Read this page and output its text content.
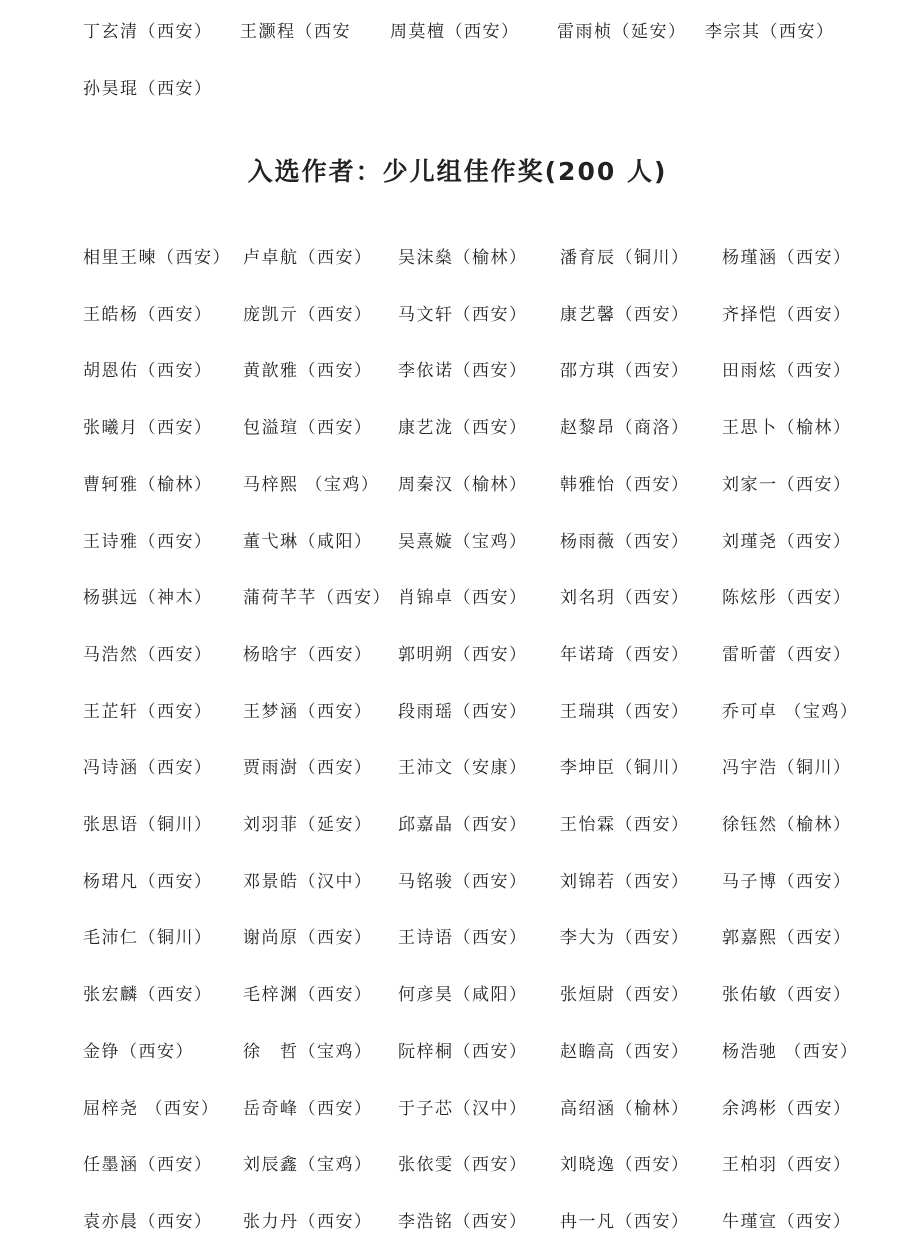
丁玄清（西安） 王灏程（西安 周莫檀（西安） 雷雨桢（延安） 李宗其（西安）
孙昊琨（西安）
入选作者：少儿组佳作奖(200 人)
相里王暕（西安） 卢卓航（西安） 吴沫燊（榆林） 潘育辰（铜川） 杨瑾涵（西安）
王皓杨（西安） 庞凯亓（西安） 马文轩（西安） 康艺馨（西安） 齐择恺（西安）
胡恩佑（西安） 黄歆雅（西安） 李依诺（西安） 邵方琪（西安） 田雨炫（西安）
张曦月（西安） 包溢瑄（西安） 康艺泷（西安） 赵黎昂（商洛） 王思卜（榆林）
曹轲雅（榆林） 马梓熙 （宝鸡） 周秦汉（榆林） 韩雅怡（西安） 刘家一（西安）
王诗雅（西安） 董弋琳（咸阳） 吴熹嫙（宝鸡） 杨雨薇（西安） 刘瑾尧（西安）
杨骐远（神木） 蒲荷芊芊（西安） 肖锦卓（西安） 刘名玥（西安） 陈炫彤（西安）
马浩然（西安） 杨晗宇（西安） 郭明朔（西安） 年诺琦（西安） 雷昕蕾（西安）
王芷轩（西安） 王梦涵（西安） 段雨瑶（西安） 王瑞琪（西安） 乔可卓 （宝鸡）
冯诗涵（西安） 贾雨澍（西安） 王沛文（安康） 李坤臣（铜川） 冯宇浩（铜川）
张思语（铜川） 刘羽菲（延安） 邱嘉晶（西安） 王怡霖（西安） 徐钰然（榆林）
杨珺凡（西安） 邓景皓（汉中） 马铭骏（西安） 刘锦若（西安） 马子博（西安）
毛沛仁（铜川） 谢尚原（西安） 王诗语（西安） 李大为（西安） 郭嘉熙（西安）
张宏麟（西安） 毛梓渊（西安） 何彦昊（咸阳） 张烜尉（西安） 张佑敏（西安）
金铮（西安）	徐　哲（宝鸡） 阮梓桐（西安） 赵瞻高（西安） 杨浩驰 （西安）
屈梓尧 （西安） 岳奇峰（西安） 于子芯（汉中） 高绍涵（榆林） 余鸿彬（西安）
任墨涵（西安） 刘辰鑫（宝鸡） 张依雯（西安） 刘晓逸（西安） 王柏羽（西安）
袁亦晨（西安） 张力丹（西安） 李浩铭（西安） 冉一凡（西安） 牛瑾宣（西安）
